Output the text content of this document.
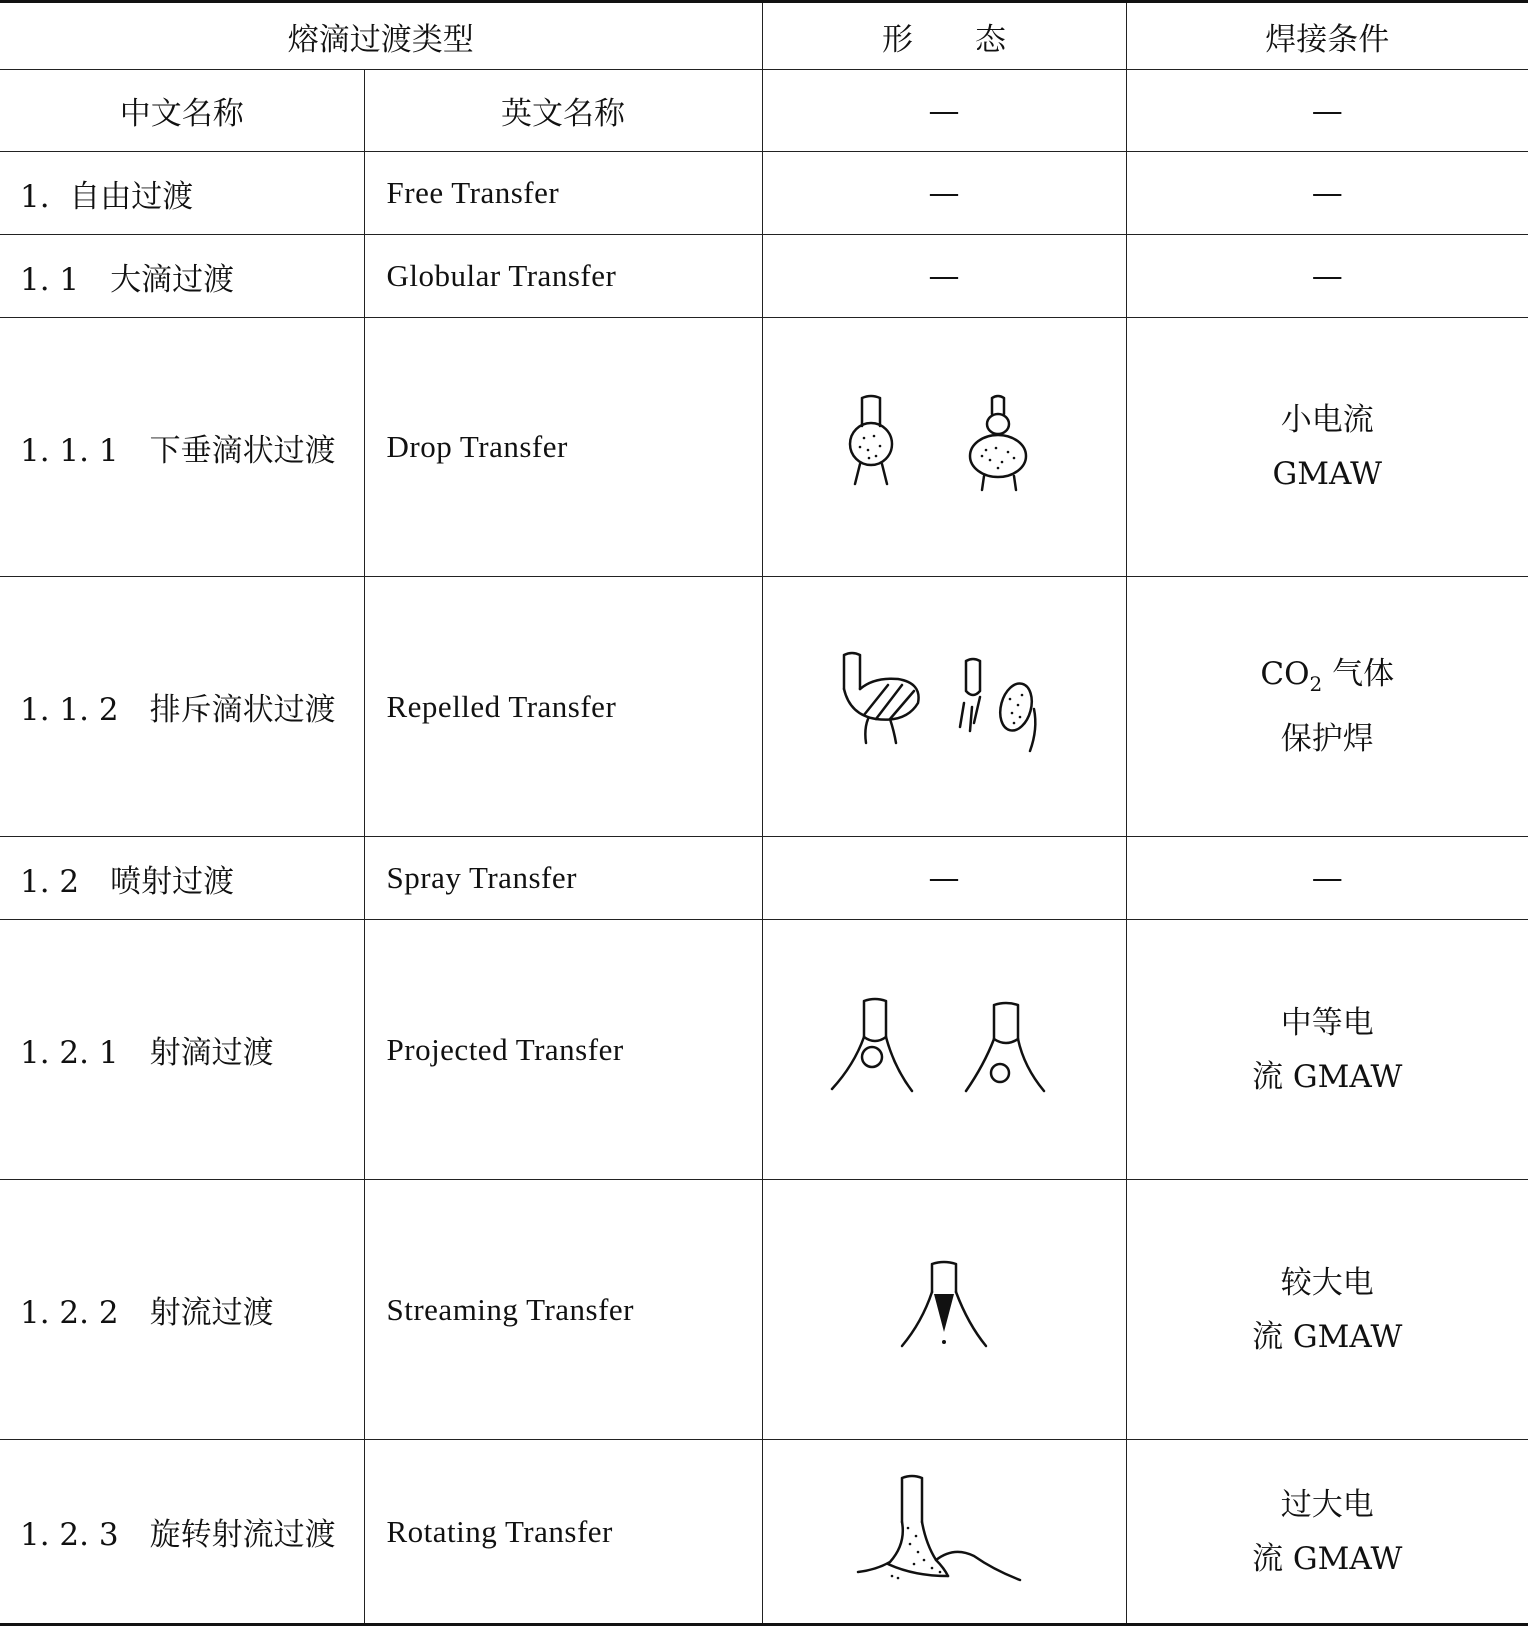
熔滴过渡类型		形　　态	焊接条件
中文名称	英文名称	—	—
1.  自由过渡	Free Transfer	—	—
1. 1　大滴过渡	Globular Transfer	—	—
1. 1. 1　下垂滴状过渡	Drop Transfer		小电流
GMAW

1. 1. 2　排斥滴状过渡	Repelled Transfer		$CO_2$ 气体
保护焊

1. 2　喷射过渡	Spray Transfer	—	—
1. 2. 1　射滴过渡	Projected Transfer		中等电
流 GMAW

1. 2. 2　射流过渡	Streaming Transfer		较大电
流 GMAW

1. 2. 3　旋转射流过渡	Rotating Transfer		过大电
流 GMAW
